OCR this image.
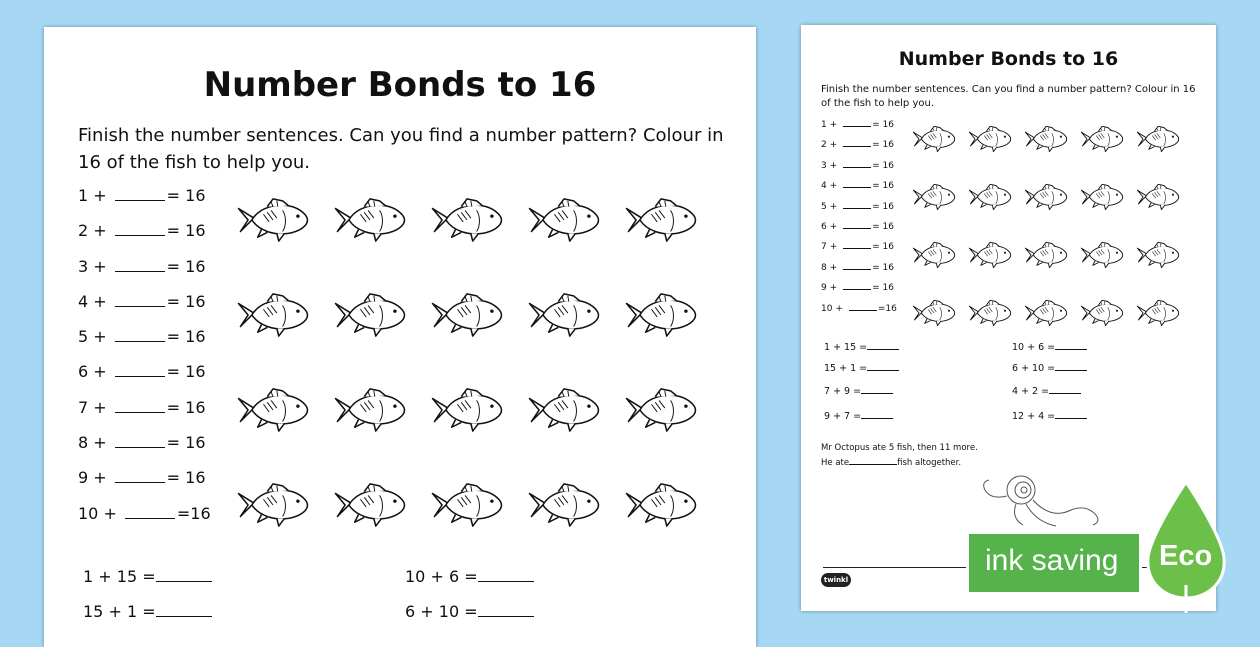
Number Bonds to 16
Finish the number sentences. Can you find a number pattern? Colour in 16 of the fish to help you.
1 +	= 16
2 +	= 16
3 +	= 16
4 +	= 16
5 +	= 16
6 +	= 16
7 +	= 16
8 +	= 16
9 +	= 16
10 +	=16
1 + 15 =	10 + 6 =
15 + 1 =	6 + 10 =
Number Bonds to 16
Finish the number sentences. Can you find a number pattern? Colour in 16 of the fish to help you.
1 +	= 16
2 +	= 16
3 +	= 16
4 +	= 16
5 +	= 16
6 +	= 16
7 +	= 16
8 +	= 16
9 +	= 16
10 +	=16
1 + 15 =	10 + 6 =
15 + 1 =	6 + 10 =
7 + 9 =	4 + 2 =
9 + 7 =	12 + 4 =
Mr Octopus ate 5 fish, then 11 more.
He ate	fish altogether.
twinkl
ink saving Eco
